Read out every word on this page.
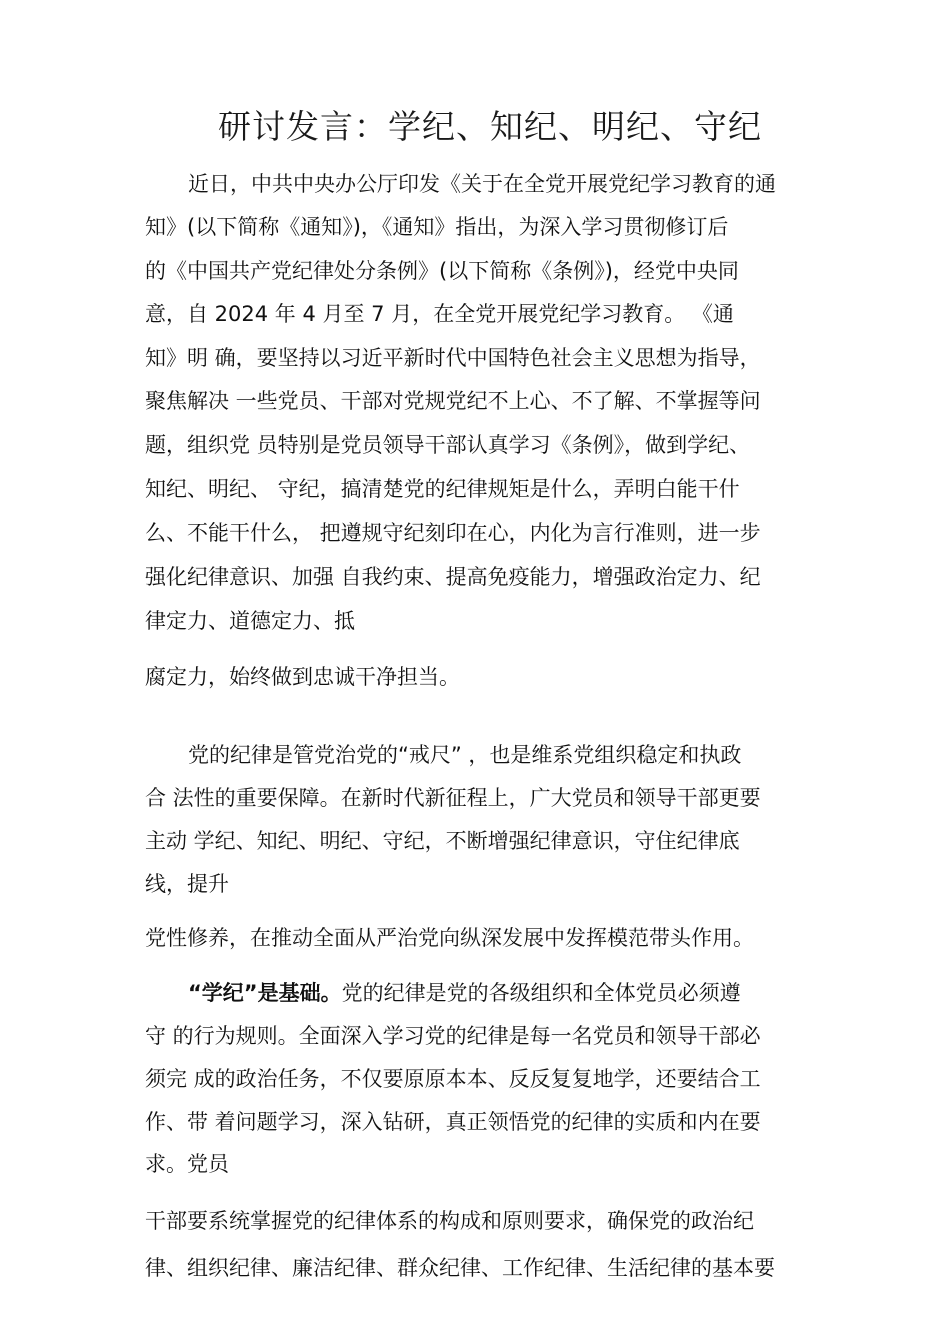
研讨发言：学纪、知纪、明纪、守纪
近日，中共中央办公厅印发《关于在全党开展党纪学习教育的通
知》(以下简称《通知》)，《通知》指出，为深入学习贯彻修订后
的《中国共产党纪律处分条例》(以下简称《条例》)，经党中央同
意，自 2024 年 4 月至 7 月，在全党开展党纪学习教育。 《通
知》明 确，要坚持以习近平新时代中国特色社会主义思想为指导，
聚焦解决 一些党员、干部对党规党纪不上心、不了解、不掌握等问
题，组织党 员特别是党员领导干部认真学习《条例》，做到学纪、
知纪、明纪、 守纪，搞清楚党的纪律规矩是什么，弄明白能干什
么、不能干什么， 把遵规守纪刻印在心，内化为言行准则，进一步
强化纪律意识、加强 自我约束、提高免疫能力，增强政治定力、纪
律定力、道德定力、抵
腐定力，始终做到忠诚干净担当。
党的纪律是管党治党的“戒尺” ，也是维系党组织稳定和执政
合 法性的重要保障。在新时代新征程上，广大党员和领导干部更要
主动 学纪、知纪、明纪、守纪，不断增强纪律意识，守住纪律底
线，提升
党性修养，在推动全面从严治党向纵深发展中发挥模范带头作用。
“学纪”是基础。党的纪律是党的各级组织和全体党员必须遵
守 的行为规则。全面深入学习党的纪律是每一名党员和领导干部必
须完 成的政治任务，不仅要原原本本、反反复复地学，还要结合工
作、带 着问题学习，深入钻研，真正领悟党的纪律的实质和内在要
求。党员
干部要系统掌握党的纪律体系的构成和原则要求，确保党的政治纪
律、组织纪律、廉洁纪律、群众纪律、工作纪律、生活纪律的基本要
